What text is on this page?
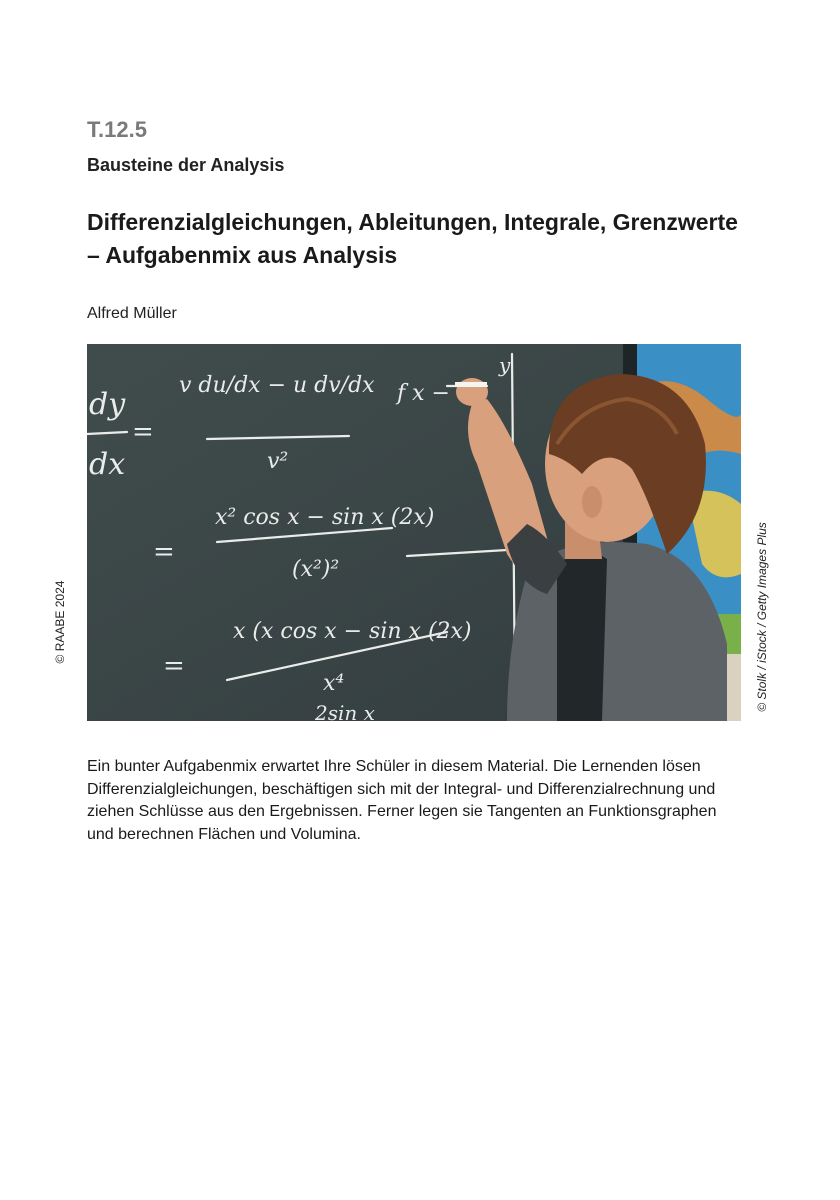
T.12.5
Bausteine der Analysis
Differenzialgleichungen, Ableitungen, Integrale, Grenzwerte – Aufgabenmix aus Analysis
Alfred Müller
dy
dx
=
v du/dx − u dv/dx
v²
x² cos x − sin x (2x)
=
(x²)²
x (x cos x − sin x (2x)
=
x⁴
f x −
y
2sin x
© RAABE 2024	© Stolk / iStock / Getty Images Plus
Ein bunter Aufgabenmix erwartet Ihre Schüler in diesem Material. Die Lernenden lösen Differenzialgleichungen, beschäftigen sich mit der Integral- und Differenzialrechnung und ziehen Schlüsse aus den Ergebnissen. Ferner legen sie Tangenten an Funktionsgraphen und berechnen Flächen und Volumina.
